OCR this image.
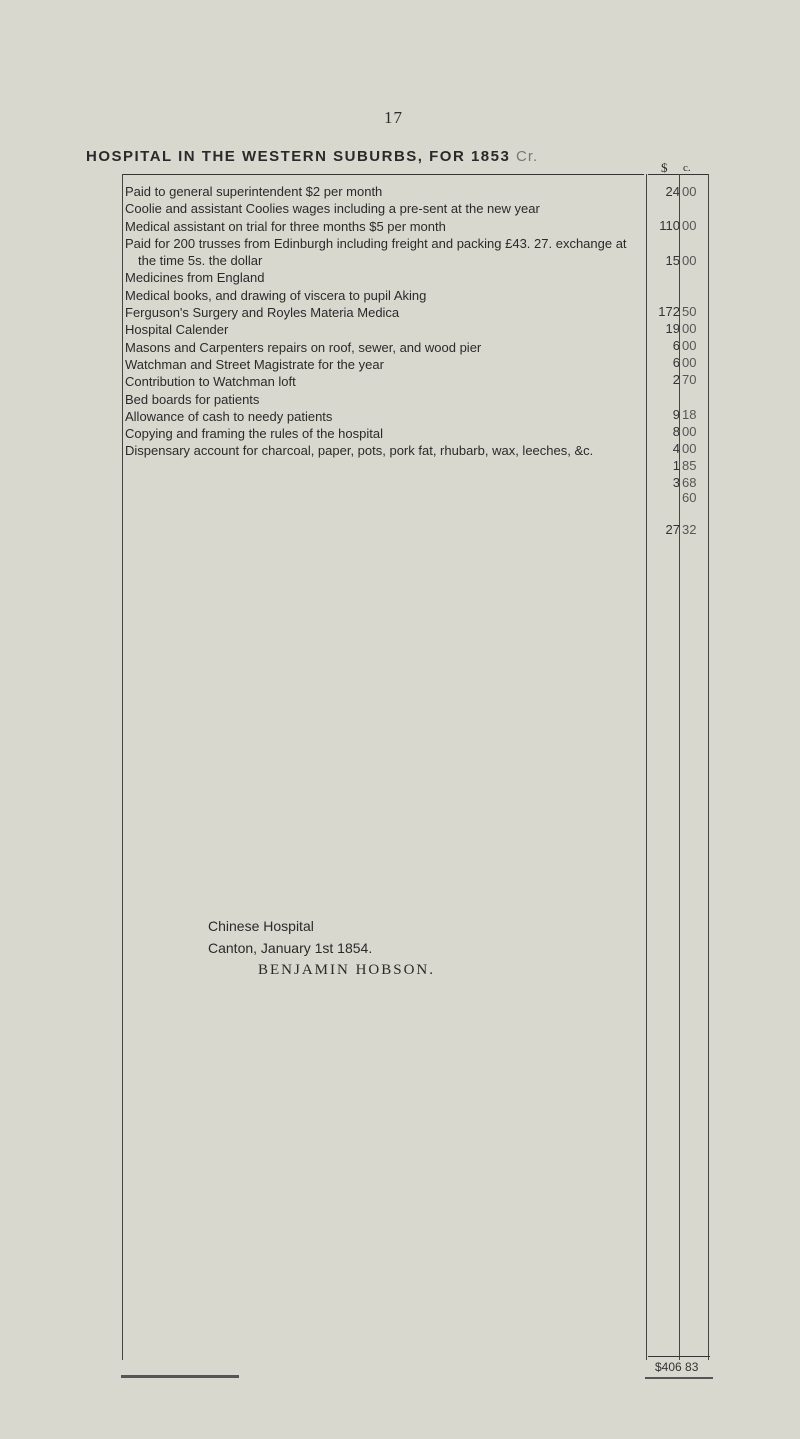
17
HOSPITAL IN THE WESTERN SUBURBS, FOR 1853 Cr.
$ c.
Paid to general superintendent $2 per month
Coolie and assistant Coolies wages including a pre-sent at the new year
Medical assistant on trial for three months $5 per month
Paid for 200 trusses from Edinburgh including freight and packing £43. 27. exchange at the time 5s. the dollar
Medicines from England
Medical books, and drawing of viscera to pupil Aking
Ferguson's Surgery and Royles Materia Medica
Hospital Calender
Masons and Carpenters repairs on roof, sewer, and wood pier
Watchman and Street Magistrate for the year
Contribution to Watchman loft
Bed boards for patients
Allowance of cash to needy patients
Copying and framing the rules of the hospital
Dispensary account for charcoal, paper, pots, pork fat, rhubarb, wax, leeches, &c.
24 00
110 00
15 00
172 50
19 00
6 00
6 00
2 70
9 18
8 00
4 00
1 85
3 68
60
27 32
Chinese Hospital
Canton, January 1st 1854.
BENJAMIN HOBSON.
$406 83
